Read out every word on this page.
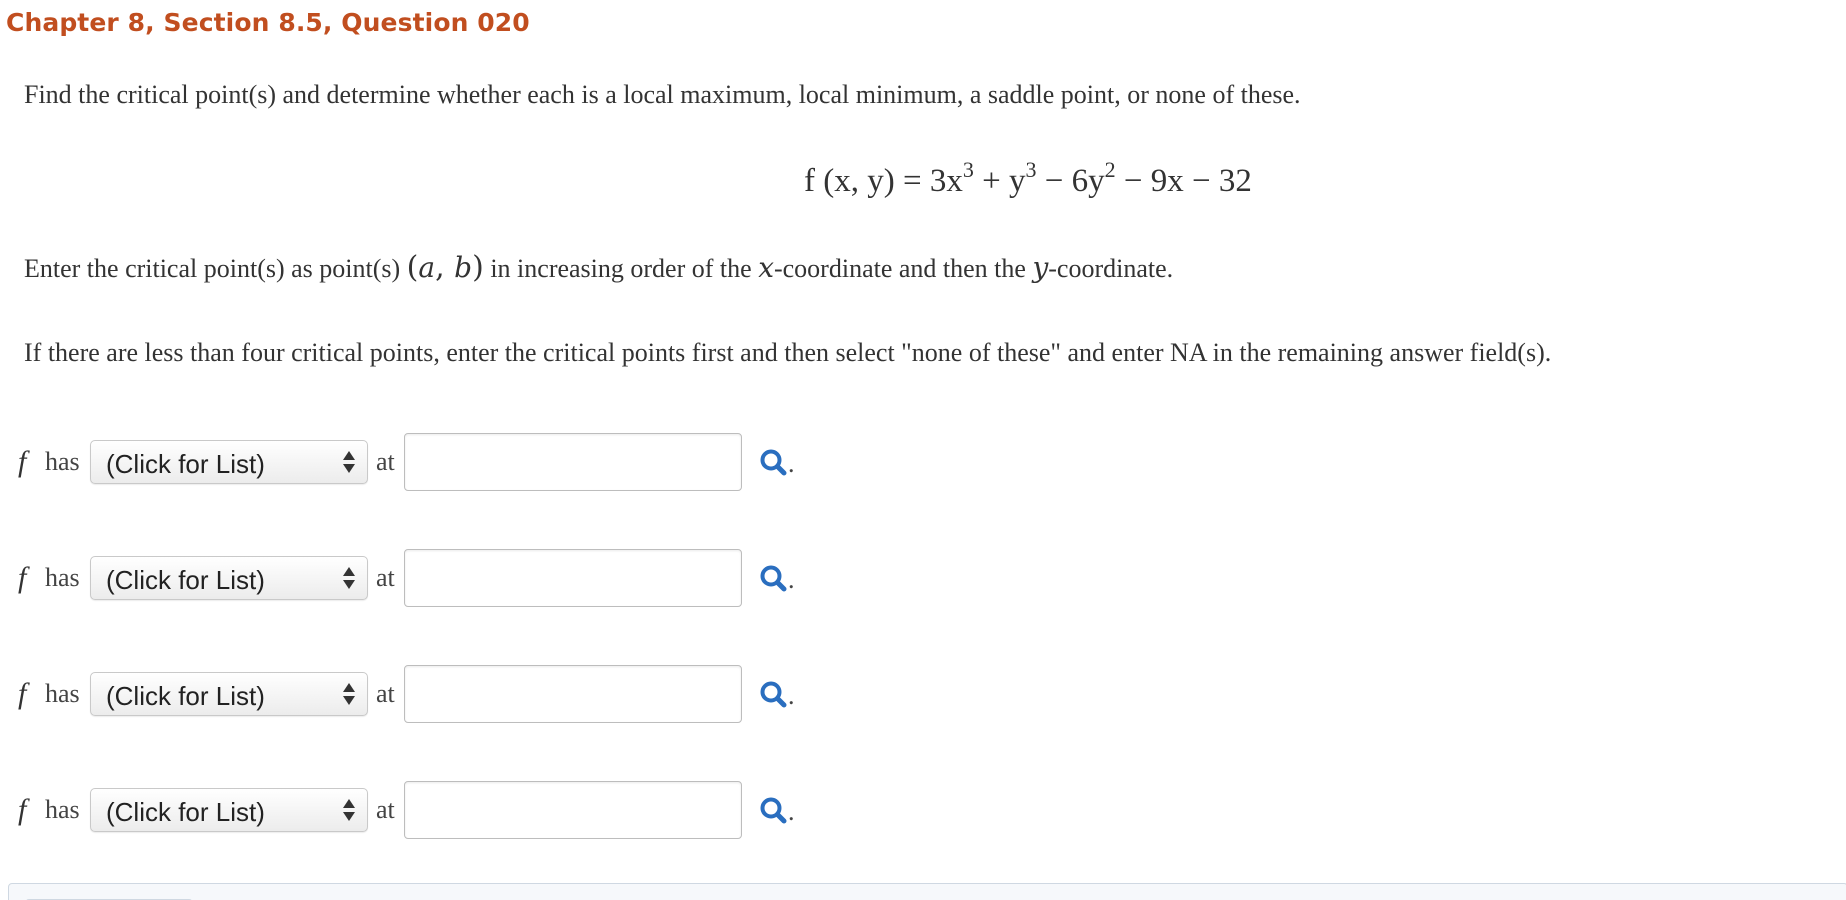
Chapter 8, Section 8.5, Question 020
Find the critical point(s) and determine whether each is a local maximum, local minimum, a saddle point, or none of these.
f (x, $y) = 3x^3 + y^3 - 6y^2 - 9x - 32$
Enter the critical point(s) as point(s) (a, b) in increasing order of the x-coordinate and then the y-coordinate.
If there are less than four critical points, enter the critical points first and then select "none of these" and enter NA in the remaining answer field(s).
f has (Click for List)	at	.
f has (Click for List)	at	.
f has (Click for List)	at	.
f has (Click for List)	at	.
